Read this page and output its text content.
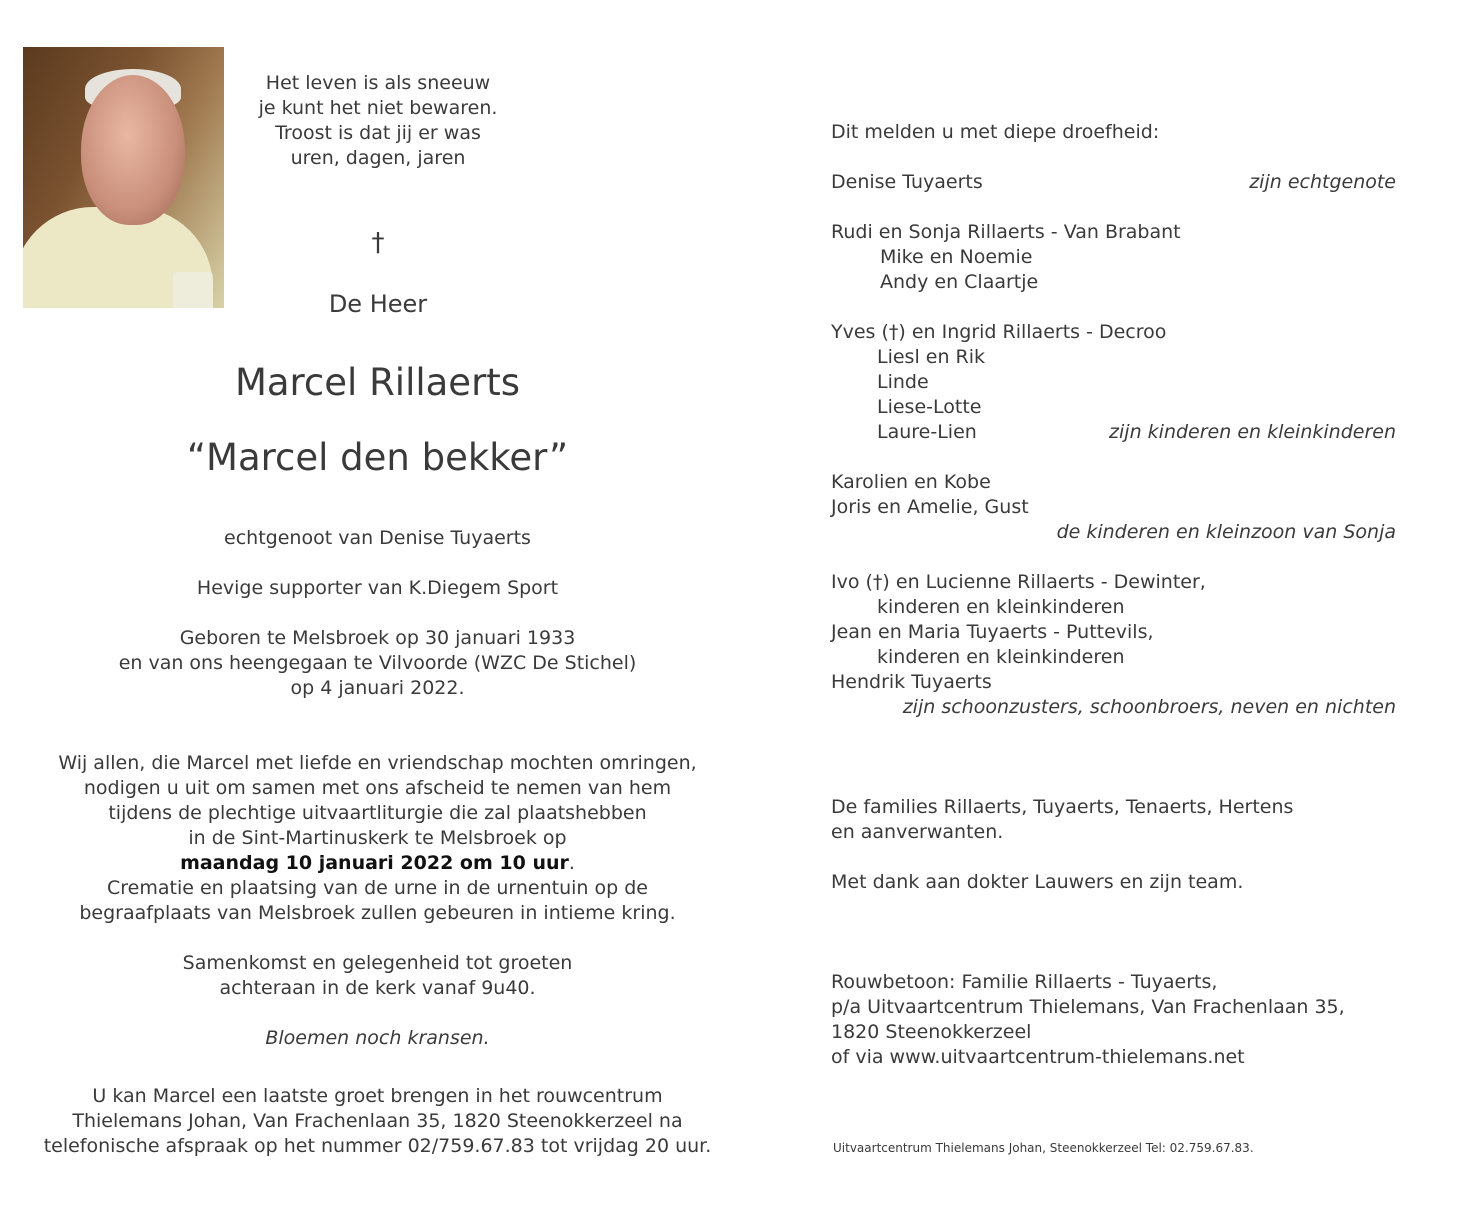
Het leven is als sneeuw
je kunt het niet bewaren.
Troost is dat jij er was
uren, dagen, jaren
†
De Heer
Marcel Rillaerts
“Marcel den bekker”
echtgenoot van Denise Tuyaerts
Hevige supporter van K.Diegem Sport
Geboren te Melsbroek op 30 januari 1933
en van ons heengegaan te Vilvoorde (WZC De Stichel)
op 4 januari 2022.
Wij allen, die Marcel met liefde en vriendschap mochten omringen,
nodigen u uit om samen met ons afscheid te nemen van hem
tijdens de plechtige uitvaartliturgie die zal plaatshebben
in de Sint-Martinuskerk te Melsbroek op
maandag 10 januari 2022 om 10 uur.
Crematie en plaatsing van de urne in de urnentuin op de
begraafplaats van Melsbroek zullen gebeuren in intieme kring.
Samenkomst en gelegenheid tot groeten
achteraan in de kerk vanaf 9u40.
Bloemen noch kransen.
U kan Marcel een laatste groet brengen in het rouwcentrum
Thielemans Johan, Van Frachenlaan 35, 1820 Steenokkerzeel na
telefonische afspraak op het nummer 02/759.67.83 tot vrijdag 20 uur.
Dit melden u met diepe droefheid:
Denise Tuyaerts	zijn echtgenote
Rudi en Sonja Rillaerts - Van Brabant
Mike en Noemie
Andy en Claartje
Yves (†) en Ingrid Rillaerts - Decroo
Liesl en Rik
Linde
Liese-Lotte
Laure-Lien	zijn kinderen en kleinkinderen
Karolien en Kobe
Joris en Amelie, Gust
de kinderen en kleinzoon van Sonja
Ivo (†) en Lucienne Rillaerts - Dewinter,
kinderen en kleinkinderen
Jean en Maria Tuyaerts - Puttevils,
kinderen en kleinkinderen
Hendrik Tuyaerts
zijn schoonzusters, schoonbroers, neven en nichten
De families Rillaerts, Tuyaerts, Tenaerts, Hertens
en aanverwanten.
Met dank aan dokter Lauwers en zijn team.
Rouwbetoon: Familie Rillaerts - Tuyaerts,
p/a Uitvaartcentrum Thielemans, Van Frachenlaan 35,
1820 Steenokkerzeel
of via www.uitvaartcentrum-thielemans.net
Uitvaartcentrum Thielemans Johan, Steenokkerzeel Tel: 02.759.67.83.
